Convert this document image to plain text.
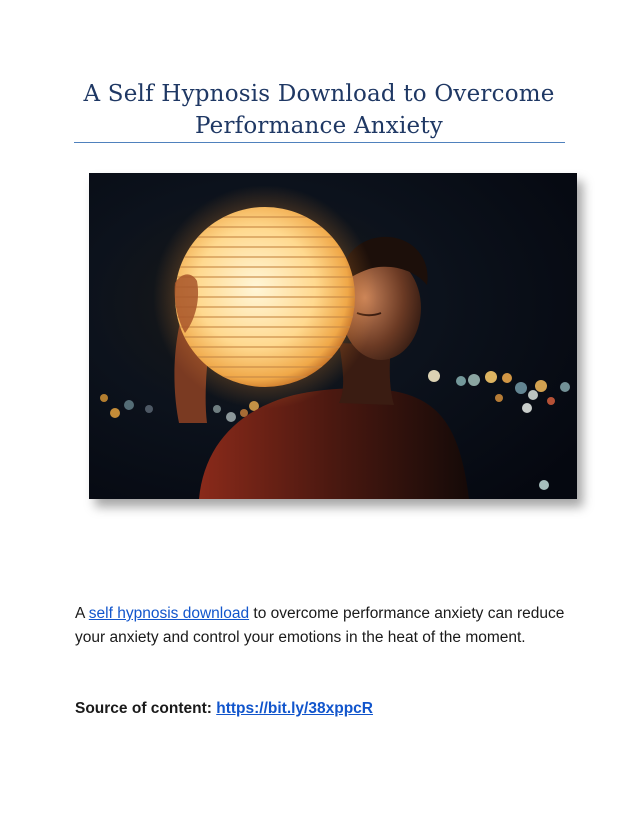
A Self Hypnosis Download to Overcome
Performance Anxiety

A self hypnosis download to overcome performance anxiety can reduce your anxiety and control your emotions in the heat of the moment.

Source of content: https://bit.ly/38xppcR
